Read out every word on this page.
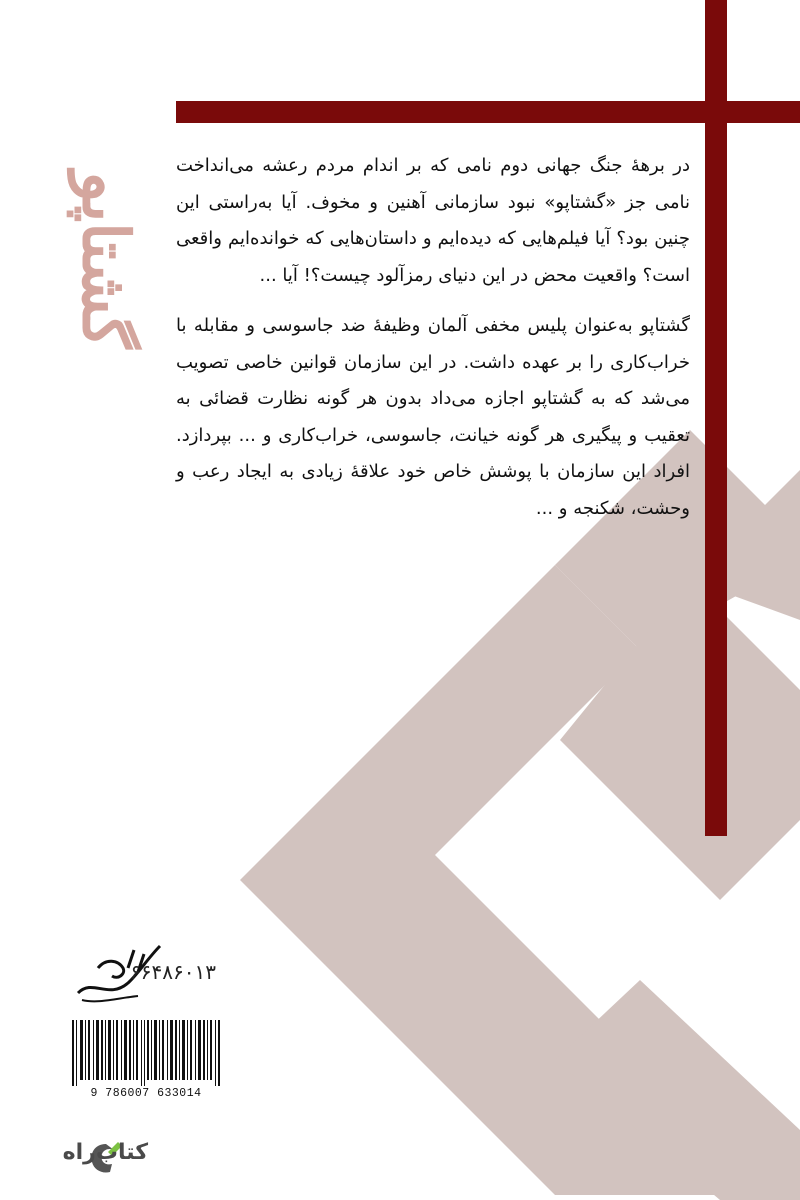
گشتاپو

در برهۀ جنگ جهانی دوم نامی که بر اندام مردم رعشه می‌انداخت نامی جز «گشتاپو» نبود سازمانی آهنین و مخوف. آیا به‌راستی این چنین بود؟ آیا فیلم‌هایی که دیده‌ایم و داستان‌هایی که خوانده‌ایم واقعی است؟ واقعیت محض در این دنیای رمزآلود چیست؟! آیا ...

گشتاپو به‌عنوان پلیس مخفی آلمان وظیفۀ ضد جاسوسی و مقابله با خراب‌کاری را بر عهده داشت. در این سازمان قوانین خاصی تصویب می‌شد که به گشتاپو اجازه می‌داد بدون هر گونه نظارت قضائی به تعقیب و پیگیری هر گونه خیانت، جاسوسی، خراب‌کاری و ... بپردازد. افراد این سازمان با پوشش خاص خود علاقۀ زیادی به ایجاد رعب و وحشت، شکنجه و ...

۶۶۴۸۶۰۱۳
9 786007 633014
کتاب‌راه
